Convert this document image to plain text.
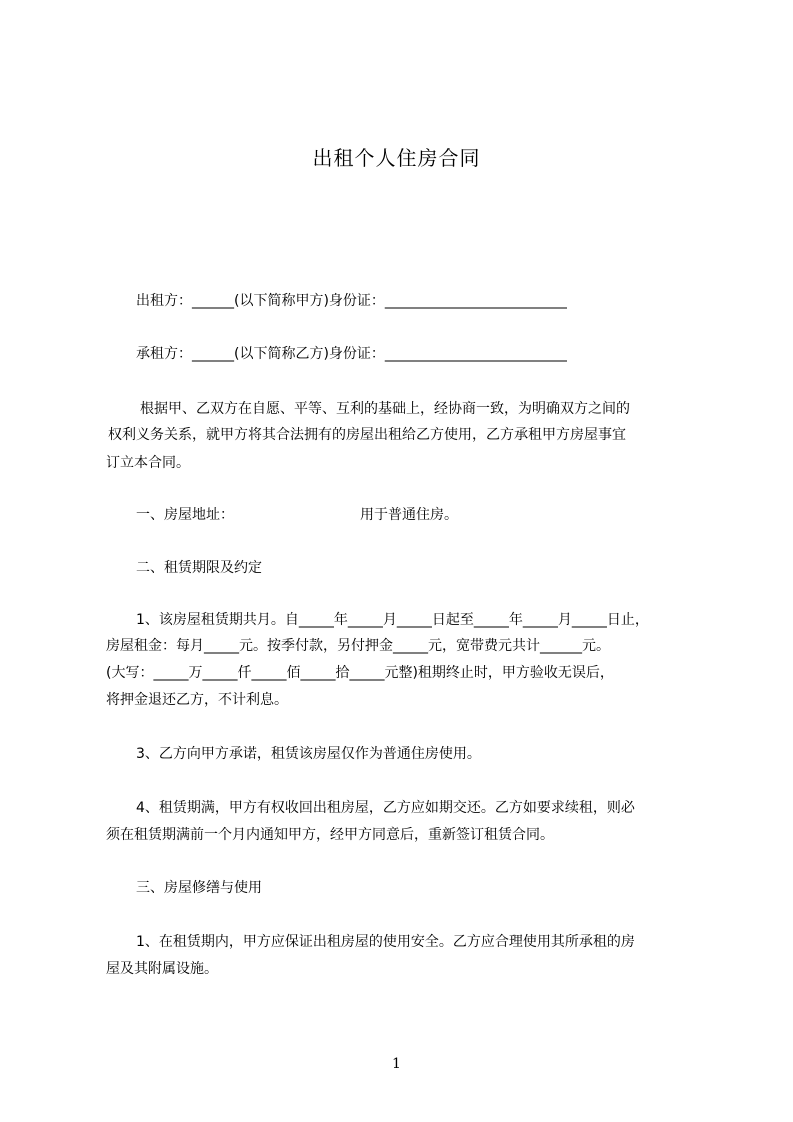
出租个人住房合同
出租方：______(以下简称甲方)身份证：__________________________
承租方：______(以下简称乙方)身份证：__________________________
根据甲、乙双方在自愿、平等、互利的基础上，经协商一致，为明确双方之间的
权利义务关系，就甲方将其合法拥有的房屋出租给乙方使用，乙方承租甲方房屋事宜
订立本合同。
一、房屋地址：	用于普通住房。
二、租赁期限及约定
1、该房屋租赁期共月。自_____年_____月_____日起至_____年_____月_____日止，
房屋租金：每月_____元。按季付款，另付押金_____元，宽带费元共计______元。
(大写：_____万_____仟_____佰_____拾_____元整)租期终止时，甲方验收无误后，
将押金退还乙方，不计利息。
3、乙方向甲方承诺，租赁该房屋仅作为普通住房使用。
4、租赁期满，甲方有权收回出租房屋，乙方应如期交还。乙方如要求续租，则必
须在租赁期满前一个月内通知甲方，经甲方同意后，重新签订租赁合同。
三、房屋修缮与使用
1、在租赁期内，甲方应保证出租房屋的使用安全。乙方应合理使用其所承租的房
屋及其附属设施。
1
